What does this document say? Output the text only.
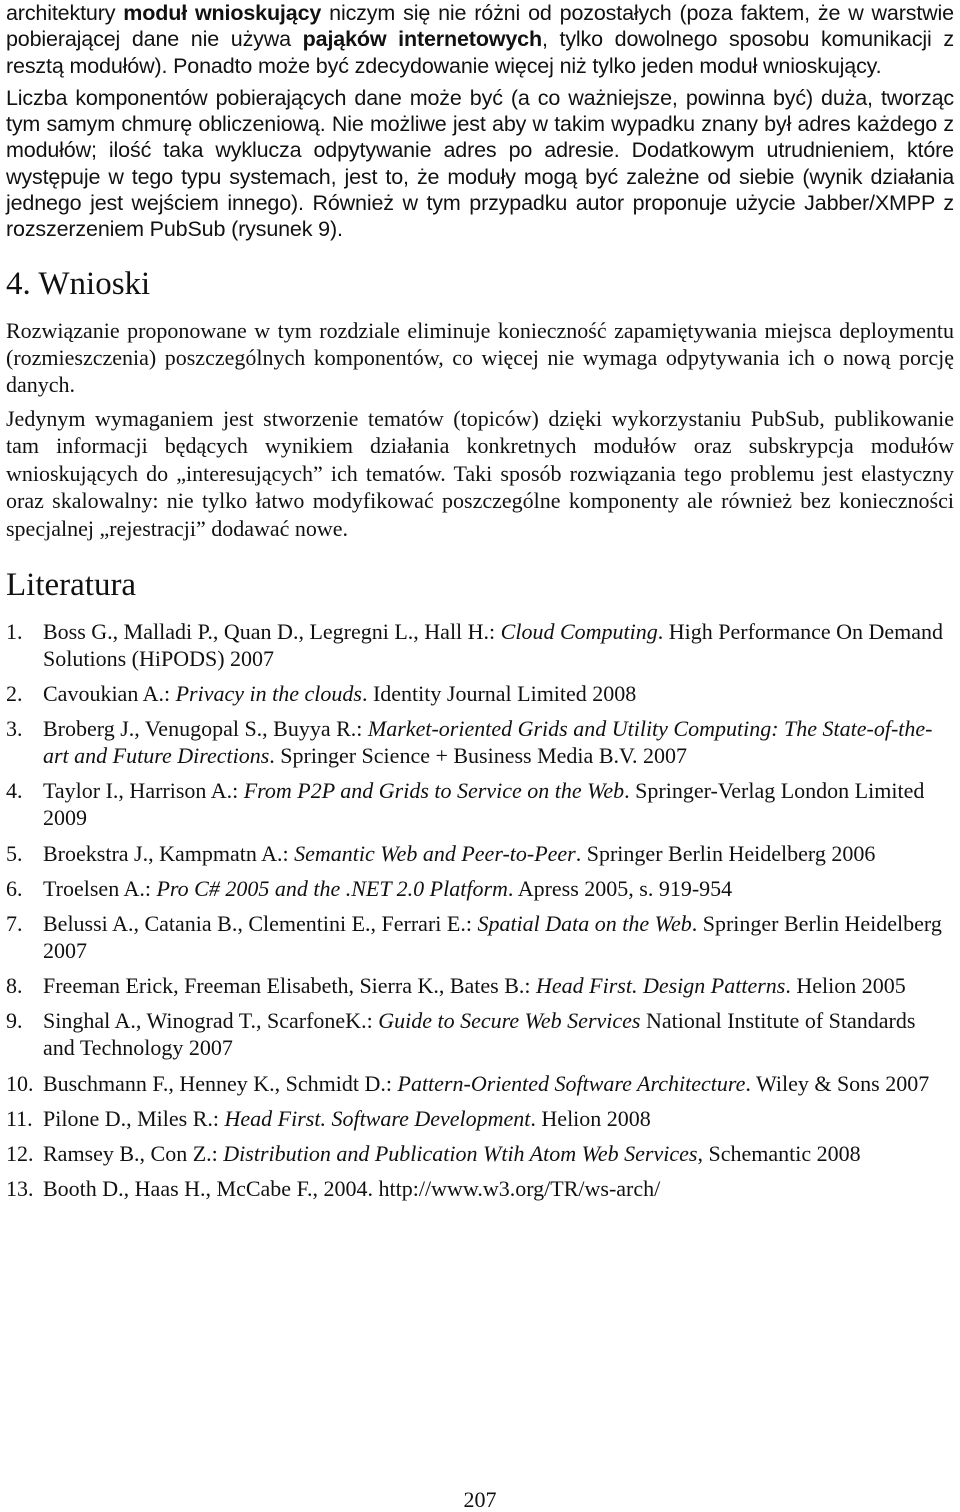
architektury moduł wnioskujący niczym się nie różni od pozostałych (poza faktem, że w warstwie pobierającej dane nie używa pająków internetowych, tylko dowolnego sposobu komunikacji z resztą modułów). Ponadto może być zdecydowanie więcej niż tylko jeden moduł wnioskujący.

Liczba komponentów pobierających dane może być (a co ważniejsze, powinna być) duża, tworząc tym samym chmurę obliczeniową. Nie możliwe jest aby w takim wypadku znany był adres każdego z modułów; ilość taka wyklucza odpytywanie adres po adresie. Dodatkowym utrudnieniem, które występuje w tego typu systemach, jest to, że moduły mogą być zależne od siebie (wynik działania jednego jest wejściem innego). Również w tym przypadku autor proponuje użycie Jabber/XMPP z rozszerzeniem PubSub (rysunek 9).

4. Wnioski

Rozwiązanie proponowane w tym rozdziale eliminuje konieczność zapamiętywania miejsca deploymentu (rozmieszczenia) poszczególnych komponentów, co więcej nie wymaga odpytywania ich o nową porcję danych.

Jedynym wymaganiem jest stworzenie tematów (topiców) dzięki wykorzystaniu PubSub, publikowanie tam informacji będących wynikiem działania konkretnych modułów oraz subskrypcja modułów wnioskujących do „interesujących” ich tematów. Taki sposób rozwiązania tego problemu jest elastyczny oraz skalowalny: nie tylko łatwo modyfikować poszczególne komponenty ale również bez konieczności specjalnej „rejestracji” dodawać nowe.

Literatura
1. Boss G., Malladi P., Quan D., Legregni L., Hall H.: Cloud Computing. High Performance On Demand Solutions (HiPODS) 2007
2. Cavoukian A.: Privacy in the clouds. Identity Journal Limited 2008
3. Broberg J., Venugopal S., Buyya R.: Market-oriented Grids and Utility Computing: The State-of-the-art and Future Directions. Springer Science + Business Media B.V. 2007
4. Taylor I., Harrison A.: From P2P and Grids to Service on the Web. Springer-Verlag London Limited 2009
5. Broekstra J., Kampmatn A.: Semantic Web and Peer-to-Peer. Springer Berlin Heidelberg 2006
6. Troelsen A.: Pro C# 2005 and the .NET 2.0 Platform. Apress 2005, s. 919-954
7. Belussi A., Catania B., Clementini E., Ferrari E.: Spatial Data on the Web. Springer Berlin Heidelberg 2007
8. Freeman Erick, Freeman Elisabeth, Sierra K., Bates B.: Head First. Design Patterns. Helion 2005
9. Singhal A., Winograd T., ScarfoneK.: Guide to Secure Web Services National Institute of Standards and Technology 2007
10. Buschmann F., Henney K., Schmidt D.: Pattern-Oriented Software Architecture. Wiley & Sons 2007
11. Pilone D., Miles R.: Head First. Software Development. Helion 2008
12. Ramsey B., Con Z.: Distribution and Publication Wtih Atom Web Services, Schemantic 2008
13. Booth D., Haas H., McCabe F., 2004. http://www.w3.org/TR/ws-arch/
207
